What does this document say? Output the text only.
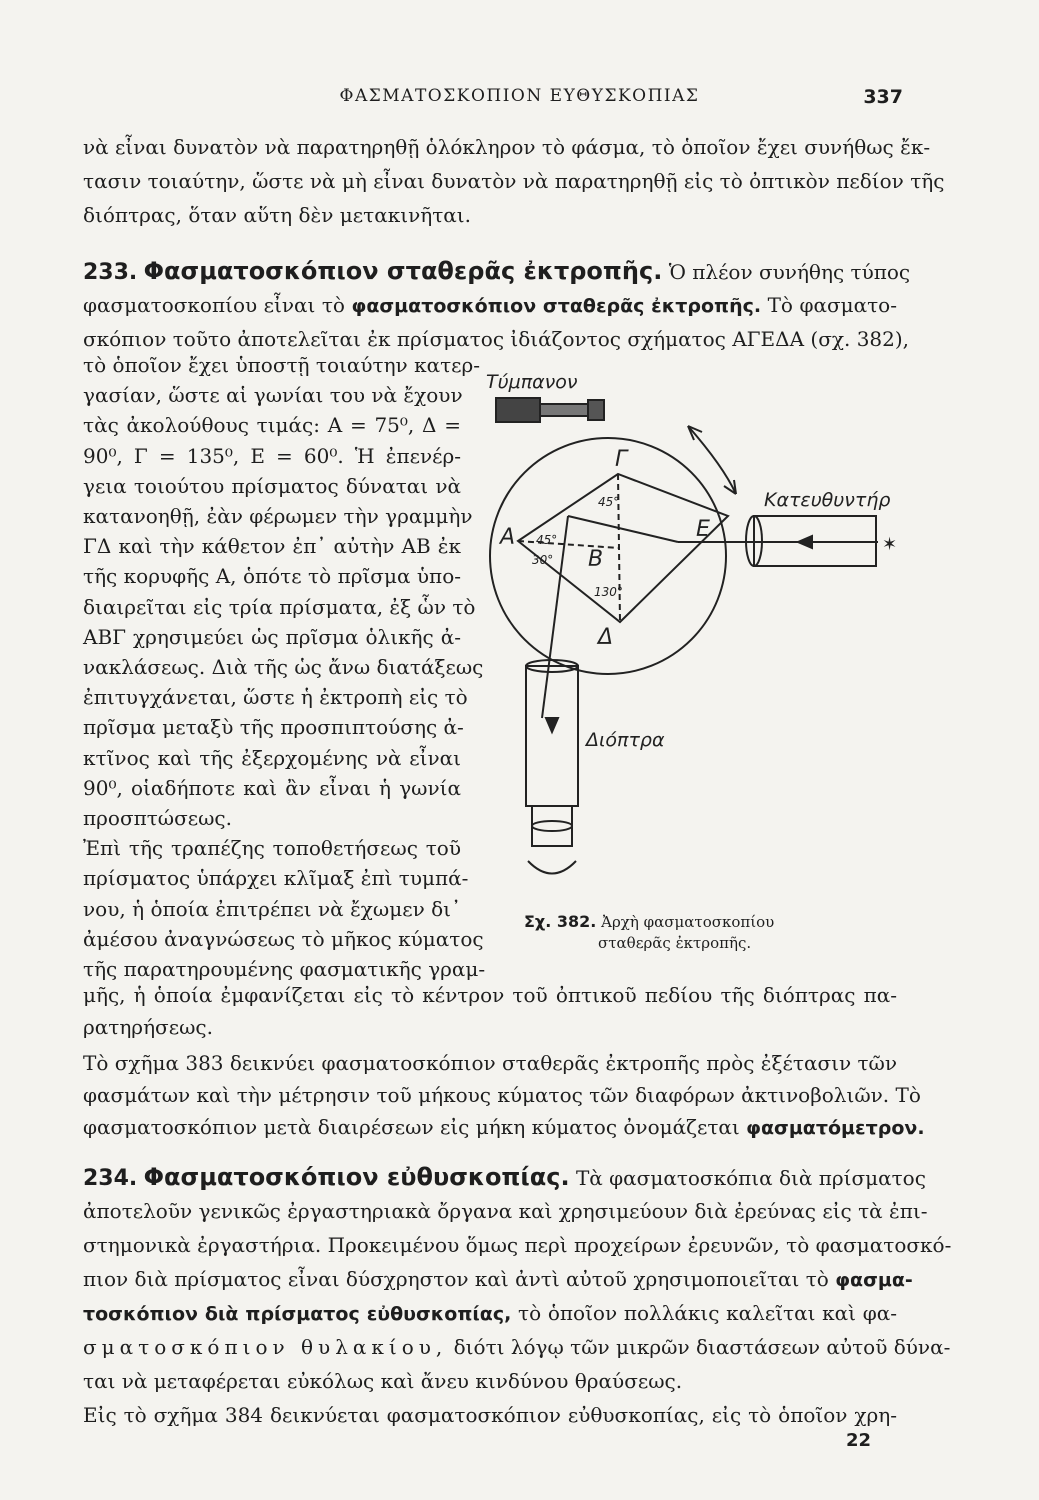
ΦΑΣΜΑΤΟΣΚΟΠΙΟΝ ΕΥΘΥΣΚΟΠΙΑΣ	337
νὰ εἶναι δυνατὸν νὰ παρατηρηθῇ ὁλόκληρον τὸ φάσμα, τὸ ὁποῖον ἔχει συνήθως ἔκ-
τασιν τοιαύτην, ὥστε νὰ μὴ εἶναι δυνατὸν νὰ παρατηρηθῇ εἰς τὸ ὀπτικὸν πεδίον τῆς
διόπτρας, ὅταν αὕτη δὲν μετακινῆται.
233. Φασματοσκόπιον σταθερᾶς ἐκτροπῆς. Ὁ πλέον συνήθης τύπος
φασματοσκοπίου εἶναι τὸ φασματοσκόπιον σταθερᾶς ἐκτροπῆς. Τὸ φασματο-
σκόπιον τοῦτο ἀποτελεῖται ἐκ πρίσματος ἰδιάζοντος σχήματος ΑΓΕΔΑ (σχ. 382),
τὸ ὁποῖον ἔχει ὑποστῇ τοιαύτην κατερ-
γασίαν, ὥστε αἱ γωνίαι του νὰ ἔχουν
τὰς ἀκολούθους τιμάς: Α = 75⁰, Δ =
90⁰, Γ = 135⁰, Ε = 60⁰. Ἡ ἐπενέρ-
γεια τοιούτου πρίσματος δύναται νὰ
κατανοηθῇ, ἐὰν φέρωμεν τὴν γραμμὴν
ΓΔ καὶ τὴν κάθετον ἐπ᾽ αὐτὴν ΑΒ ἐκ
τῆς κορυφῆς Α, ὁπότε τὸ πρῖσμα ὑπο-
διαιρεῖται εἰς τρία πρίσματα, ἐξ ὧν τὸ
ΑΒΓ χρησιμεύει ὡς πρῖσμα ὁλικῆς ἀ-
νακλάσεως. Διὰ τῆς ὡς ἄνω διατάξεως
ἐπιτυγχάνεται, ὥστε ἡ ἐκτροπὴ εἰς τὸ
πρῖσμα μεταξὺ τῆς προσπιπτούσης ἀ-
κτῖνος καὶ τῆς ἐξερχομένης νὰ εἶναι
90⁰, οἱαδήποτε καὶ ἂν εἶναι ἡ γωνία
προσπτώσεως.
Ἐπὶ τῆς τραπέζης τοποθετήσεως τοῦ
πρίσματος ὑπάρχει κλῖμαξ ἐπὶ τυμπά-
νου, ἡ ὁποία ἐπιτρέπει νὰ ἔχωμεν δι᾽
ἀμέσου ἀναγνώσεως τὸ μῆκος κύματος
τῆς παρατηρουμένης φασματικῆς γραμ-
μῆς, ἡ ὁποία ἐμφανίζεται εἰς τὸ κέντρον τοῦ ὀπτικοῦ πεδίου τῆς διόπτρας πα-
ρατηρήσεως.
Τὸ σχῆμα 383 δεικνύει φασματοσκόπιον σταθερᾶς ἐκτροπῆς πρὸς ἐξέτασιν τῶν
φασμάτων καὶ τὴν μέτρησιν τοῦ μήκους κύματος τῶν διαφόρων ἀκτινοβολιῶν. Τὸ
φασματοσκόπιον μετὰ διαιρέσεων εἰς μήκη κύματος ὀνομάζεται φασματόμετρον.
234. Φασματοσκόπιον εὐθυσκοπίας. Τὰ φασματοσκόπια διὰ πρίσματος
ἀποτελοῦν γενικῶς ἐργαστηριακὰ ὄργανα καὶ χρησιμεύουν διὰ ἐρεύνας εἰς τὰ ἐπι-
στημονικὰ ἐργαστήρια. Προκειμένου ὅμως περὶ προχείρων ἐρευνῶν, τὸ φασματοσκό-
πιον διὰ πρίσματος εἶναι δύσχρηστον καὶ ἀντὶ αὐτοῦ χρησιμοποιεῖται τὸ φασμα-
τοσκόπιον διὰ πρίσματος εὐθυσκοπίας, τὸ ὁποῖον πολλάκις καλεῖται καὶ φα-
σματοσκόπιον θυλακίου, διότι λόγῳ τῶν μικρῶν διαστάσεων αὐτοῦ δύνα-
ται νὰ μεταφέρεται εὐκόλως καὶ ἄνευ κινδύνου θραύσεως.
Εἰς τὸ σχῆμα 384 δεικνύεται φασματοσκόπιον εὐθυσκοπίας, εἰς τὸ ὁποῖον χρη-
22
Τύμπανον
Γ
Α	Ε
Β
Δ
45°
45°
30°
130°
Κατευθυντήρ
Διόπτρα
✶
Σχ. 382. Ἀρχὴ φασματοσκοπίου
σταθερᾶς ἐκτροπῆς.
